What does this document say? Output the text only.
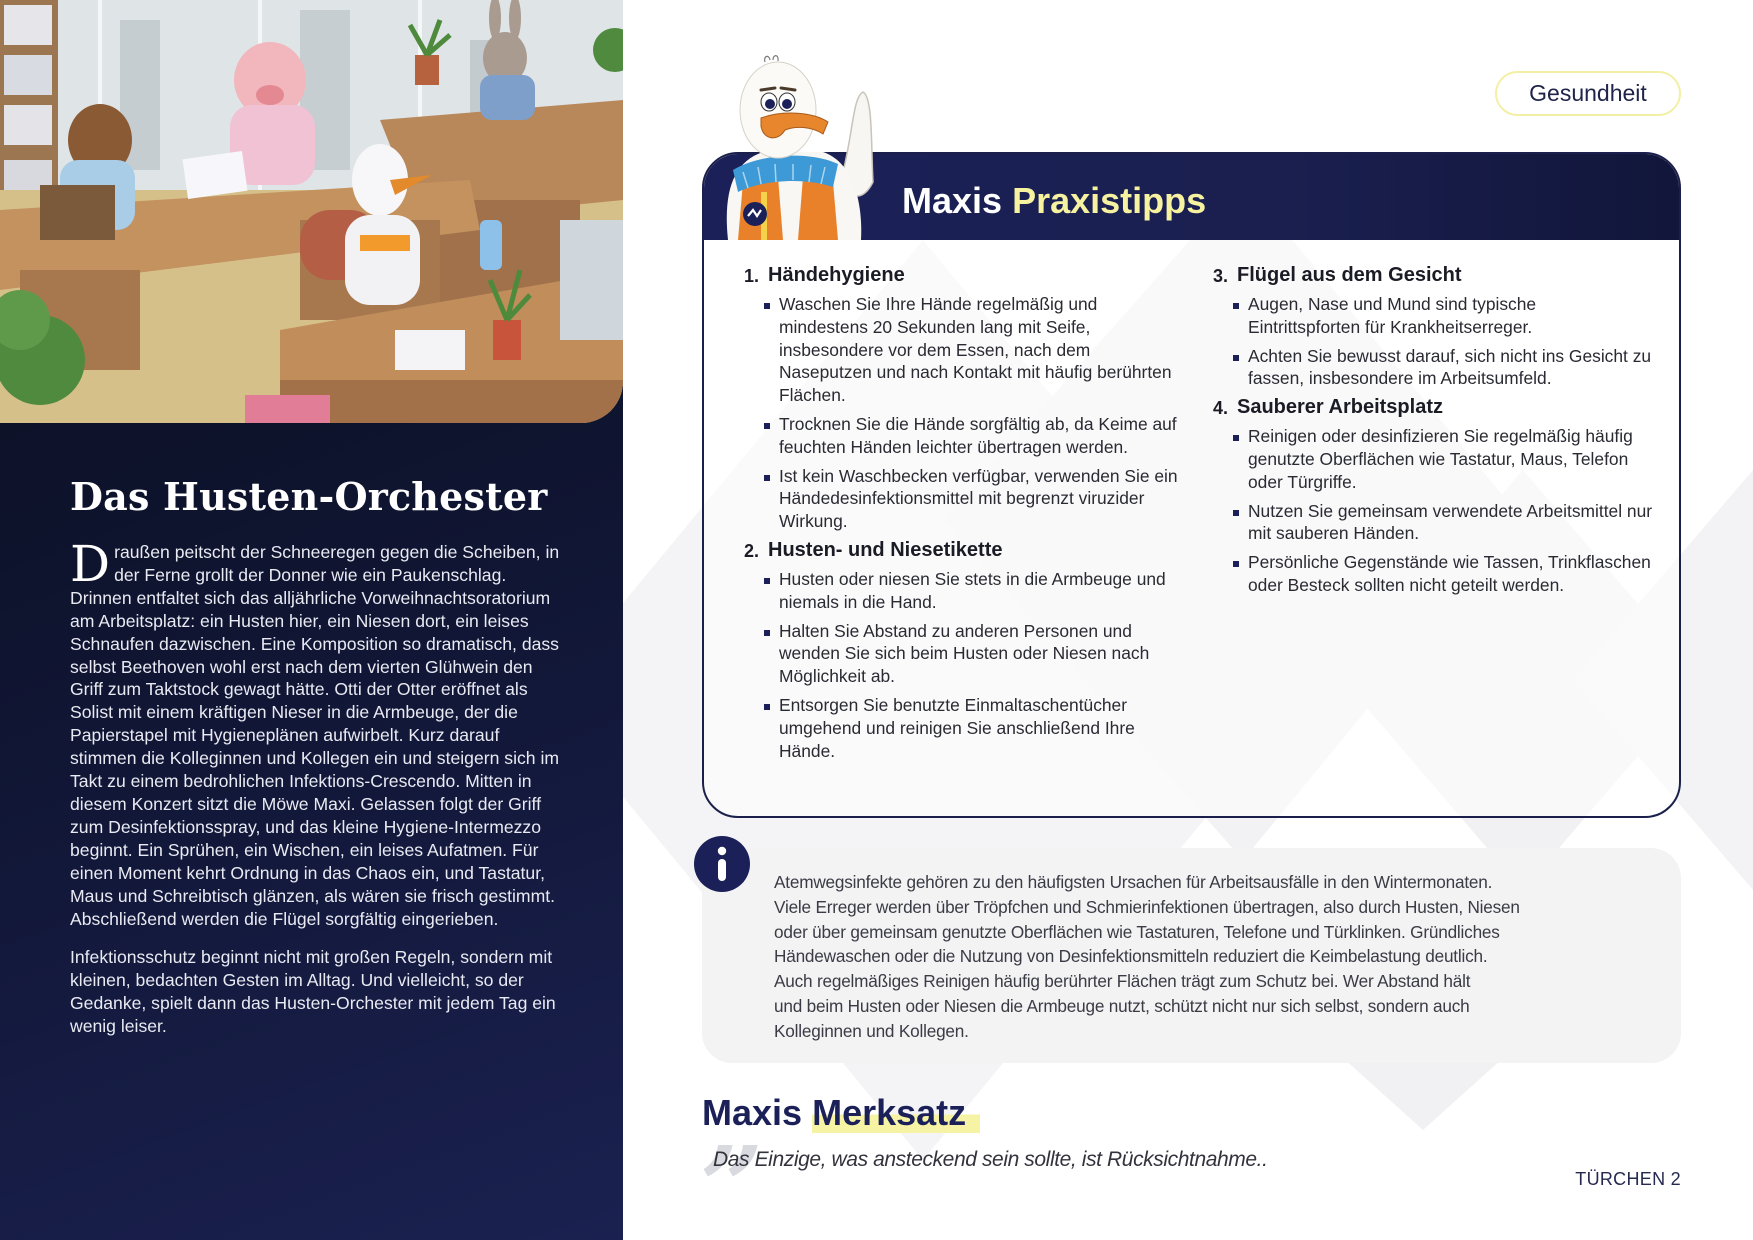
Das Husten-Orchester

Draußen peitscht der Schneeregen gegen die Scheiben, in der Ferne grollt der Donner wie ein Paukenschlag. Drinnen entfaltet sich das alljährliche Vorweihnachtsoratorium am Arbeitsplatz: ein Husten hier, ein Niesen dort, ein leises Schnaufen dazwischen. Eine Komposition so dramatisch, dass selbst Beethoven wohl erst nach dem vierten Glühwein den Griff zum Taktstock gewagt hätte. Otti der Otter eröffnet als Solist mit einem kräftigen Nieser in die Armbeuge, der die Papierstapel mit Hygieneplänen aufwirbelt. Kurz darauf stimmen die Kolleginnen und Kollegen ein und steigern sich im Takt zu einem bedrohlichen Infektions-Crescendo. Mitten in diesem Konzert sitzt die Möwe Maxi. Gelassen folgt der Griff zum Desinfektionsspray, und das kleine Hygiene-Intermezzo beginnt. Ein Sprühen, ein Wischen, ein leises Aufatmen. Für einen Moment kehrt Ordnung in das Chaos ein, und Tastatur, Maus und Schreibtisch glänzen, als wären sie frisch gestimmt. Abschließend werden die Flügel sorgfältig eingerieben.

Infektionsschutz beginnt nicht mit großen Regeln, sondern mit kleinen, bedachten Gesten im Alltag. Und vielleicht, so der Gedanke, spielt dann das Husten-Orchester mit jedem Tag ein wenig leiser.

Gesundheit
Maxis Praxistipps
1. Händehygiene
Waschen Sie Ihre Hände regelmäßig und mindestens 20 Sekunden lang mit Seife, insbesondere vor dem Essen, nach dem Naseputzen und nach Kontakt mit häufig berührten Flächen.
Trocknen Sie die Hände sorgfältig ab, da Keime auf feuchten Händen leichter übertragen werden.
Ist kein Waschbecken verfügbar, verwenden Sie ein Händedesinfektionsmittel mit begrenzt viruzider Wirkung.
2. Husten- und Niesetikette
Husten oder niesen Sie stets in die Armbeuge und niemals in die Hand.
Halten Sie Abstand zu anderen Personen und wenden Sie sich beim Husten oder Niesen nach Möglichkeit ab.
Entsorgen Sie benutzte Einmaltaschentücher umgehend und reinigen Sie anschließend Ihre Hände.
3. Flügel aus dem Gesicht
Augen, Nase und Mund sind typische Eintrittspforten für Krankheitserreger.
Achten Sie bewusst darauf, sich nicht ins Gesicht zu fassen, insbesondere im Arbeitsumfeld.
4. Sauberer Arbeitsplatz
Reinigen oder desinfizieren Sie regelmäßig häufig genutzte Oberflächen wie Tastatur, Maus, Telefon oder Türgriffe.
Nutzen Sie gemeinsam verwendete Arbeitsmittel nur mit sauberen Händen.
Persönliche Gegenstände wie Tassen, Trinkflaschen oder Besteck sollten nicht geteilt werden.
Atemwegsinfekte gehören zu den häufigsten Ursachen für Arbeitsausfälle in den Wintermonaten.
Viele Erreger werden über Tröpfchen und Schmierinfektionen übertragen, also durch Husten, Niesen
oder über gemeinsam genutzte Oberflächen wie Tastaturen, Telefone und Türklinken. Gründliches
Händewaschen oder die Nutzung von Desinfektionsmitteln reduziert die Keimbelastung deutlich.
Auch regelmäßiges Reinigen häufig berührter Flächen trägt zum Schutz bei. Wer Abstand hält
und beim Husten oder Niesen die Armbeuge nutzt, schützt nicht nur sich selbst, sondern auch
Kolleginnen und Kollegen.
Maxis Merksatz
”
Das Einzige, was ansteckend sein sollte, ist Rücksichtnahme..
TÜRCHEN 2
